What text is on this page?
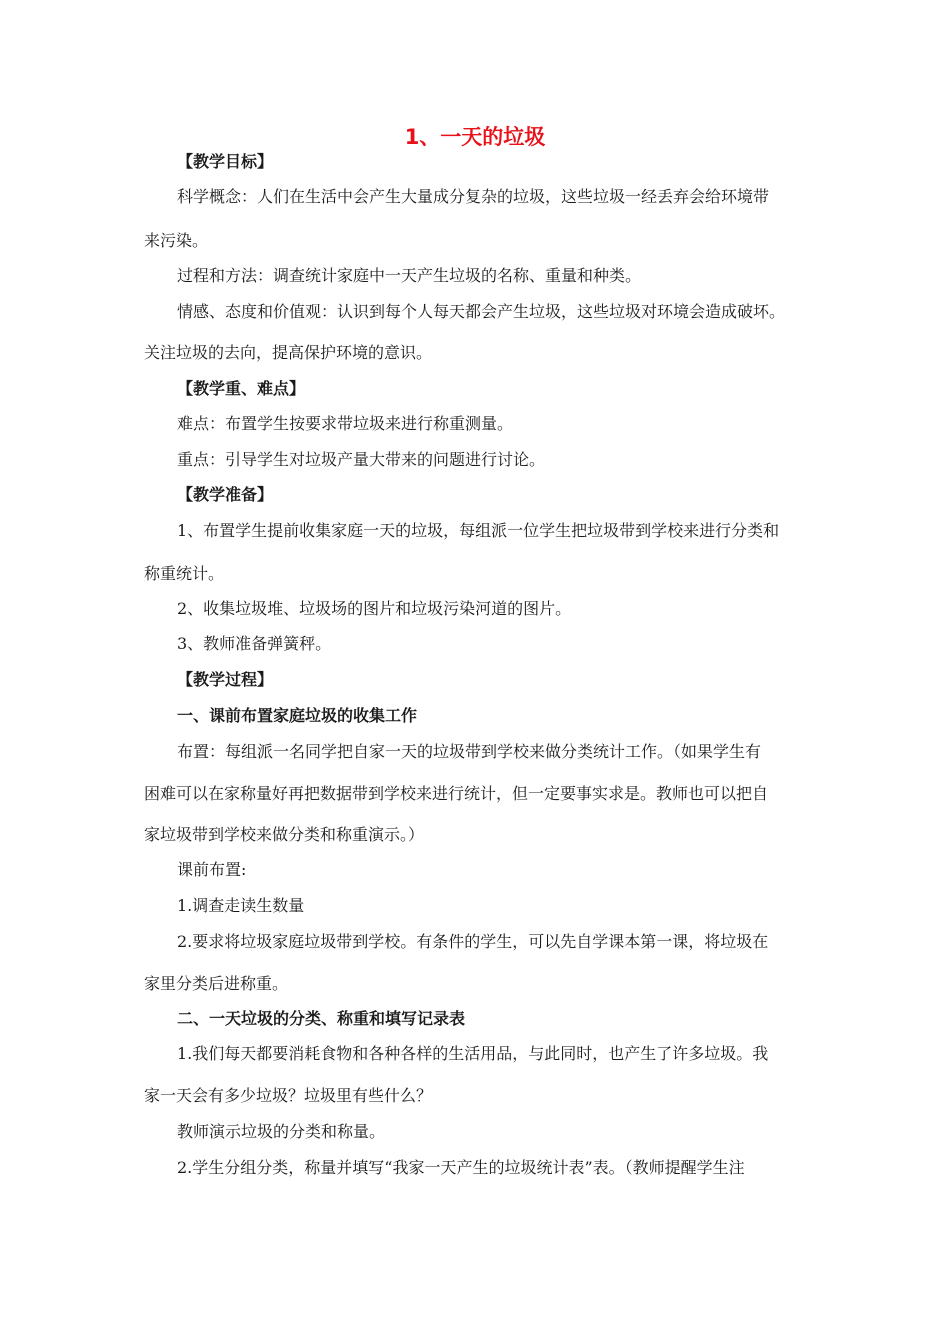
1、一天的垃圾
【教学目标】
科学概念：人们在生活中会产生大量成分复杂的垃圾，这些垃圾一经丢弃会给环境带
来污染。
过程和方法：调查统计家庭中一天产生垃圾的名称、重量和种类。
情感、态度和价值观：认识到每个人每天都会产生垃圾，这些垃圾对环境会造成破坏。
关注垃圾的去向，提高保护环境的意识。
【教学重、难点】
难点：布置学生按要求带垃圾来进行称重测量。
重点：引导学生对垃圾产量大带来的问题进行讨论。
【教学准备】
1、布置学生提前收集家庭一天的垃圾，每组派一位学生把垃圾带到学校来进行分类和
称重统计。
2、收集垃圾堆、垃圾场的图片和垃圾污染河道的图片。
3、教师准备弹簧秤。
【教学过程】
一、课前布置家庭垃圾的收集工作
布置：每组派一名同学把自家一天的垃圾带到学校来做分类统计工作。（如果学生有
困难可以在家称量好再把数据带到学校来进行统计，但一定要事实求是。教师也可以把自
家垃圾带到学校来做分类和称重演示。）
课前布置:
1.调查走读生数量
2.要求将垃圾家庭垃圾带到学校。有条件的学生，可以先自学课本第一课，将垃圾在
家里分类后进称重。
二、一天垃圾的分类、称重和填写记录表
1.我们每天都要消耗食物和各种各样的生活用品，与此同时，也产生了许多垃圾。我
家一天会有多少垃圾？垃圾里有些什么？
教师演示垃圾的分类和称量。
2.学生分组分类，称量并填写“我家一天产生的垃圾统计表”表。（教师提醒学生注
